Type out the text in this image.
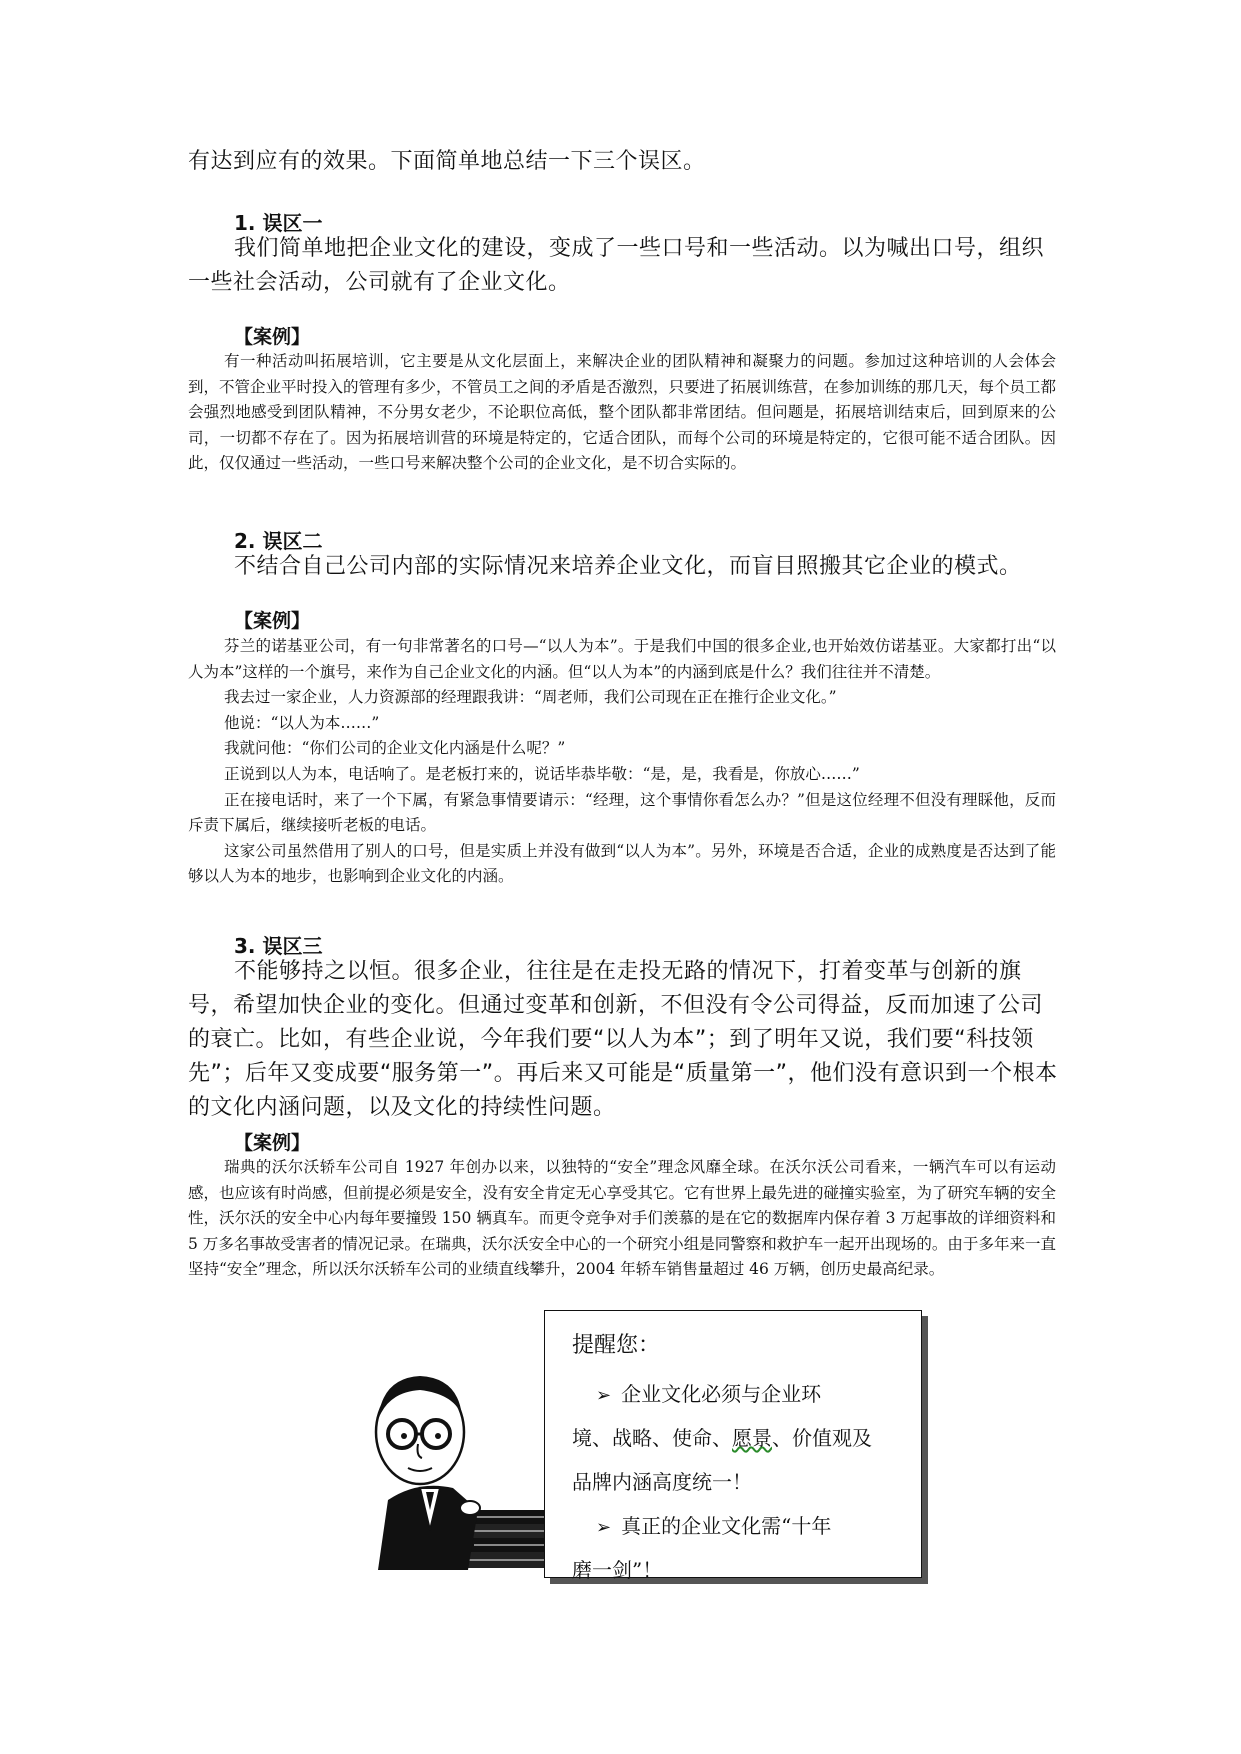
有达到应有的效果。下面简单地总结一下三个误区。

1. 误区一

我们简单地把企业文化的建设，变成了一些口号和一些活动。以为喊出口号，组织一些社会活动，公司就有了企业文化。

【案例】

有一种活动叫拓展培训，它主要是从文化层面上，来解决企业的团队精神和凝聚力的问题。参加过这种培训的人会体会到，不管企业平时投入的管理有多少，不管员工之间的矛盾是否激烈，只要进了拓展训练营，在参加训练的那几天，每个员工都会强烈地感受到团队精神，不分男女老少，不论职位高低，整个团队都非常团结。但问题是，拓展培训结束后，回到原来的公司，一切都不存在了。因为拓展培训营的环境是特定的，它适合团队，而每个公司的环境是特定的，它很可能不适合团队。因此，仅仅通过一些活动，一些口号来解决整个公司的企业文化，是不切合实际的。

2. 误区二

不结合自己公司内部的实际情况来培养企业文化，而盲目照搬其它企业的模式。

【案例】

芬兰的诺基亚公司，有一句非常著名的口号—“以人为本”。于是我们中国的很多企业,也开始效仿诺基亚。大家都打出“以人为本”这样的一个旗号，来作为自己企业文化的内涵。但“以人为本”的内涵到底是什么？我们往往并不清楚。

我去过一家企业，人力资源部的经理跟我讲：“周老师，我们公司现在正在推行企业文化。”

他说：“以人为本……”

我就问他：“你们公司的企业文化内涵是什么呢？”

正说到以人为本，电话响了。是老板打来的，说话毕恭毕敬：“是，是，我看是，你放心……”

正在接电话时，来了一个下属，有紧急事情要请示：“经理，这个事情你看怎么办？”但是这位经理不但没有理睬他，反而斥责下属后，继续接听老板的电话。

这家公司虽然借用了别人的口号，但是实质上并没有做到“以人为本”。另外，环境是否合适，企业的成熟度是否达到了能够以人为本的地步，也影响到企业文化的内涵。

3. 误区三

不能够持之以恒。很多企业，往往是在走投无路的情况下，打着变革与创新的旗号，希望加快企业的变化。但通过变革和创新，不但没有令公司得益，反而加速了公司的衰亡。比如，有些企业说，今年我们要“以人为本”；到了明年又说，我们要“科技领先”；后年又变成要“服务第一”。再后来又可能是“质量第一”，他们没有意识到一个根本的文化内涵问题，以及文化的持续性问题。

【案例】

瑞典的沃尔沃轿车公司自 1927 年创办以来，以独特的“安全”理念风靡全球。在沃尔沃公司看来，一辆汽车可以有运动感，也应该有时尚感，但前提必须是安全，没有安全肯定无心享受其它。它有世界上最先进的碰撞实验室，为了研究车辆的安全性，沃尔沃的安全中心内每年要撞毁 150 辆真车。而更令竞争对手们羡慕的是在它的数据库内保存着 3 万起事故的详细资料和 5 万多名事故受害者的情况记录。在瑞典，沃尔沃安全中心的一个研究小组是同警察和救护车一起开出现场的。由于多年来一直坚持“安全”理念，所以沃尔沃轿车公司的业绩直线攀升，2004 年轿车销售量超过 46 万辆，创历史最高纪录。

提醒您：
➢ 企业文化必须与企业环
境、战略、使命、愿景、价值观及
品牌内涵高度统一！
➢ 真正的企业文化需“十年
磨一剑”！
